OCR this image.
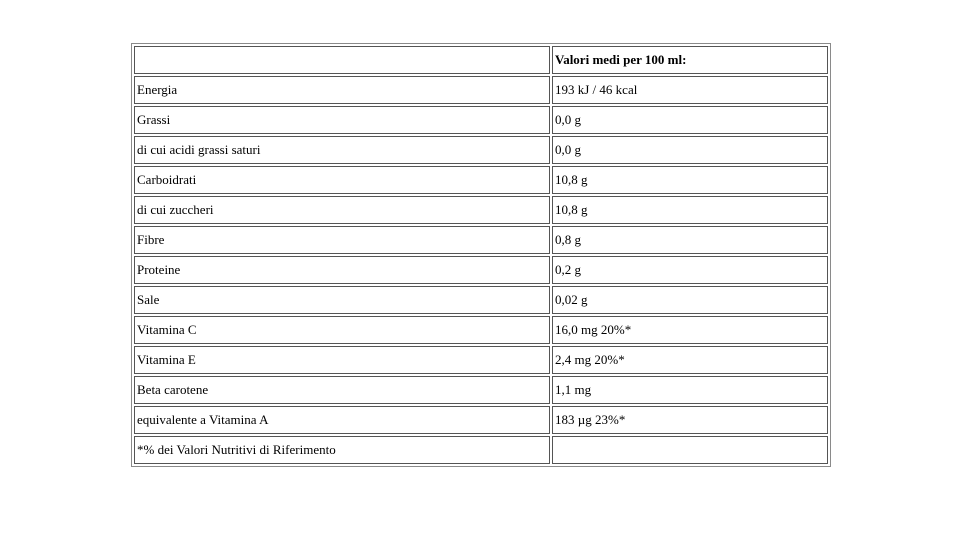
	Valori medi per 100 ml:
Energia	193 kJ / 46 kcal
Grassi	0,0 g
di cui acidi grassi saturi	0,0 g
Carboidrati	10,8 g
di cui zuccheri	10,8 g
Fibre	0,8 g
Proteine	0,2 g
Sale	0,02 g
Vitamina C	16,0 mg 20%*
Vitamina E	2,4 mg 20%*
Beta carotene	1,1 mg
equivalente a Vitamina A	183 µg 23%*
*% dei Valori Nutritivi di Riferimento	
